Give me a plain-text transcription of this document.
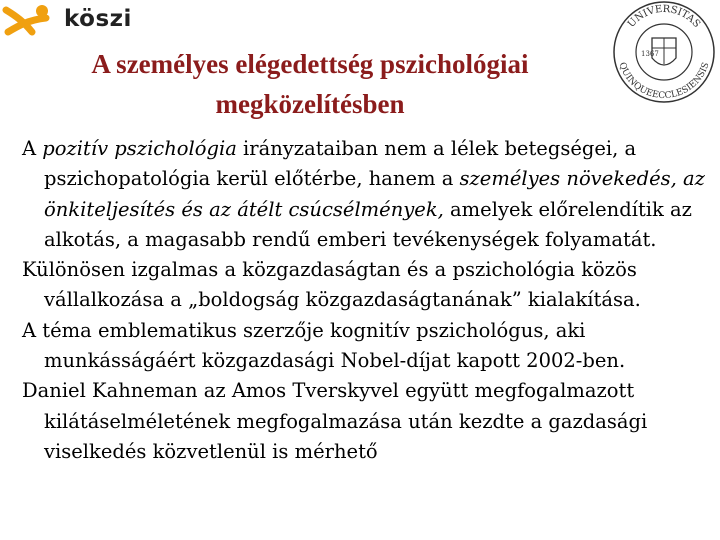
köszi
A személyes elégedettség pszichológiai
megközelítésben
UNIVERSITAS
QUINQUEECCLESIENSIS
1367

A pozitív pszichológia irányzataiban nem a lélek betegségei, a pszichopatológia kerül előtérbe, hanem a személyes növekedés, az önkiteljesítés és az átélt csúcsélmények, amelyek előrelendítik az alkotás, a magasabb rendű emberi tevékenységek folyamatát.

Különösen izgalmas a közgazdaságtan és a pszichológia közös vállalkozása a „boldogság közgazdaságtanának” kialakítása.

A téma emblematikus szerzője kognitív pszichológus, aki munkásságáért közgazdasági Nobel-díjat kapott 2002-ben.

Daniel Kahneman az Amos Tverskyvel együtt megfogalmazott kilátáselméletének megfogalmazása után kezdte a gazdasági viselkedés közvetlenül is mérhető
